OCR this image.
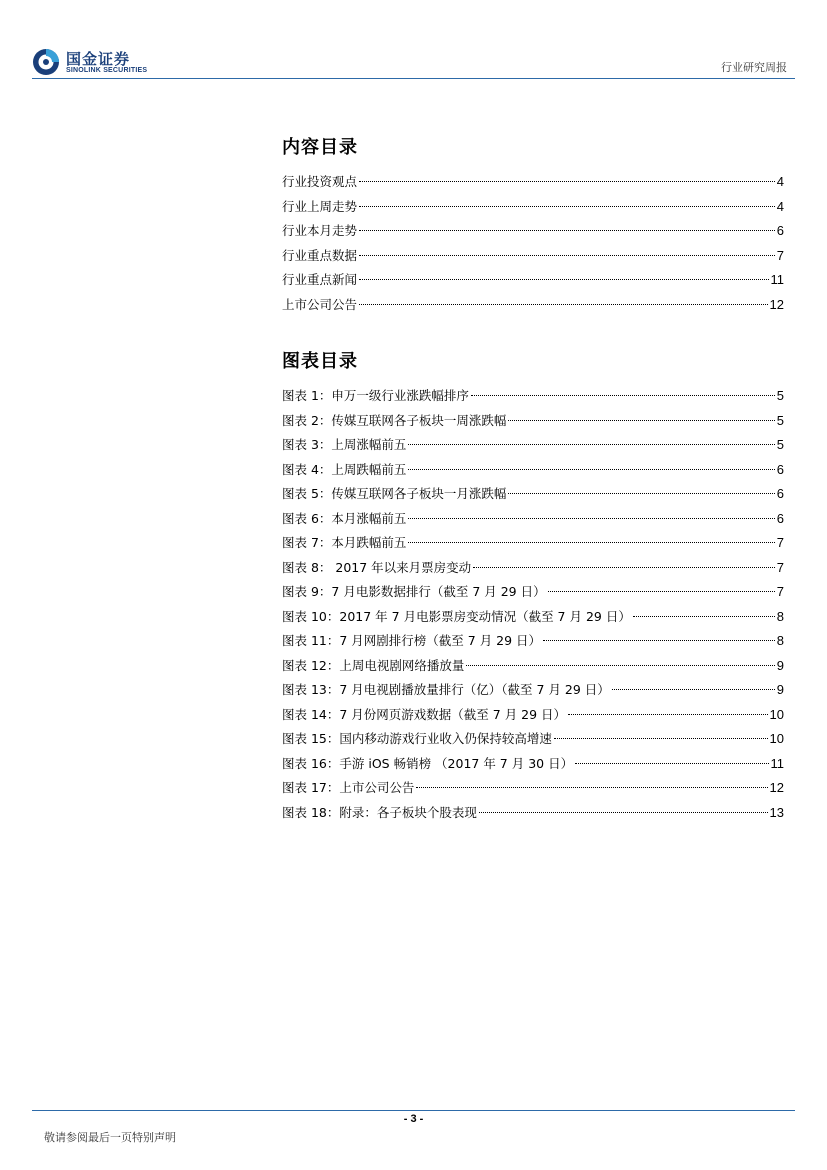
国金证券
SINOLINK SECURITIES	行业研究周报
内容目录
行业投资观点	4
行业上周走势	4
行业本月走势	6
行业重点数据	7
行业重点新闻	11
上市公司公告	12
图表目录
图表 1：申万一级行业涨跌幅排序	5
图表 2：传媒互联网各子板块一周涨跌幅	5
图表 3：上周涨幅前五	5
图表 4：上周跌幅前五	6
图表 5：传媒互联网各子板块一月涨跌幅	6
图表 6：本月涨幅前五	6
图表 7：本月跌幅前五	7
图表 8： 2017 年以来月票房变动	7
图表 9：7 月电影数据排行（截至 7 月 29 日）	7
图表 10：2017 年 7 月电影票房变动情况（截至 7 月 29 日）	8
图表 11：7 月网剧排行榜（截至 7 月 29 日）	8
图表 12：上周电视剧网络播放量	9
图表 13：7 月电视剧播放量排行（亿）（截至 7 月 29 日）	9
图表 14：7 月份网页游戏数据（截至 7 月 29 日）	10
图表 15：国内移动游戏行业收入仍保持较高增速	10
图表 16：手游 iOS 畅销榜 （2017 年 7 月 30 日）	11
图表 17：上市公司公告	12
图表 18：附录：各子板块个股表现	13
- 3 -
敬请参阅最后一页特别声明
